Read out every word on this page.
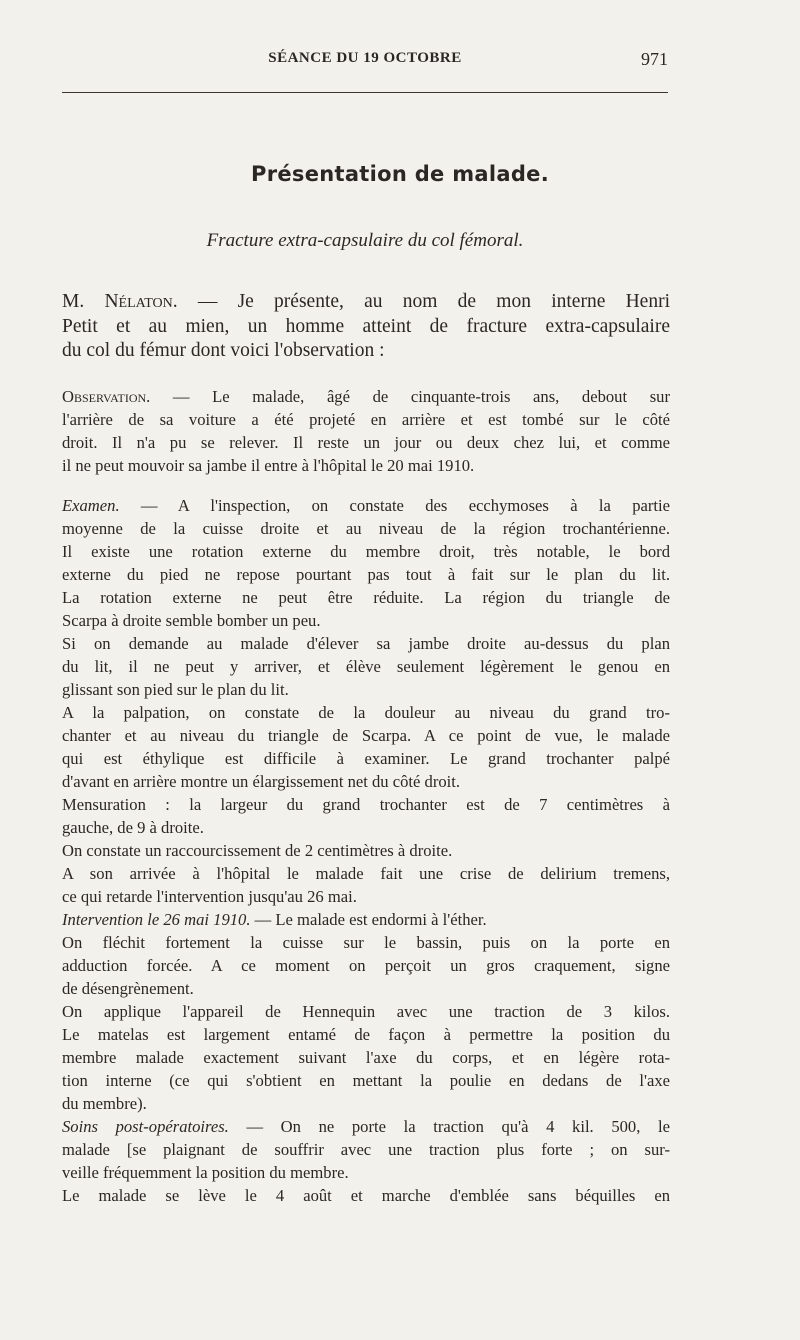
SÉANCE DU 19 OCTOBRE	971
Présentation de malade.
Fracture extra-capsulaire du col fémoral.
M. Nélaton. — Je présente, au nom de mon interne Henri
Petit et au mien, un homme atteint de fracture extra-capsulaire
du col du fémur dont voici l'observation :
Observation. — Le malade, âgé de cinquante-trois ans, debout sur
l'arrière de sa voiture a été projeté en arrière et est tombé sur le côté
droit. Il n'a pu se relever. Il reste un jour ou deux chez lui, et comme
il ne peut mouvoir sa jambe il entre à l'hôpital le 20 mai 1910.
Examen. — A l'inspection, on constate des ecchymoses à la partie
moyenne de la cuisse droite et au niveau de la région trochantérienne.
Il existe une rotation externe du membre droit, très notable, le bord
externe du pied ne repose pourtant pas tout à fait sur le plan du lit.
La rotation externe ne peut être réduite. La région du triangle de
Scarpa à droite semble bomber un peu.
Si on demande au malade d'élever sa jambe droite au-dessus du plan
du lit, il ne peut y arriver, et élève seulement légèrement le genou en
glissant son pied sur le plan du lit.
A la palpation, on constate de la douleur au niveau du grand tro-
chanter et au niveau du triangle de Scarpa. A ce point de vue, le malade
qui est éthylique est difficile à examiner. Le grand trochanter palpé
d'avant en arrière montre un élargissement net du côté droit.
Mensuration : la largeur du grand trochanter est de 7 centimètres à
gauche, de 9 à droite.
On constate un raccourcissement de 2 centimètres à droite.
A son arrivée à l'hôpital le malade fait une crise de delirium tremens,
ce qui retarde l'intervention jusqu'au 26 mai.
Intervention le 26 mai 1910. — Le malade est endormi à l'éther.
On fléchit fortement la cuisse sur le bassin, puis on la porte en
adduction forcée. A ce moment on perçoit un gros craquement, signe
de désengrènement.
On applique l'appareil de Hennequin avec une traction de 3 kilos.
Le matelas est largement entamé de façon à permettre la position du
membre malade exactement suivant l'axe du corps, et en légère rota-
tion interne (ce qui s'obtient en mettant la poulie en dedans de l'axe
du membre).
Soins post-opératoires. — On ne porte la traction qu'à 4 kil. 500, le
malade [se plaignant de souffrir avec une traction plus forte ; on sur-
veille fréquemment la position du membre.
Le malade se lève le 4 août et marche d'emblée sans béquilles en
